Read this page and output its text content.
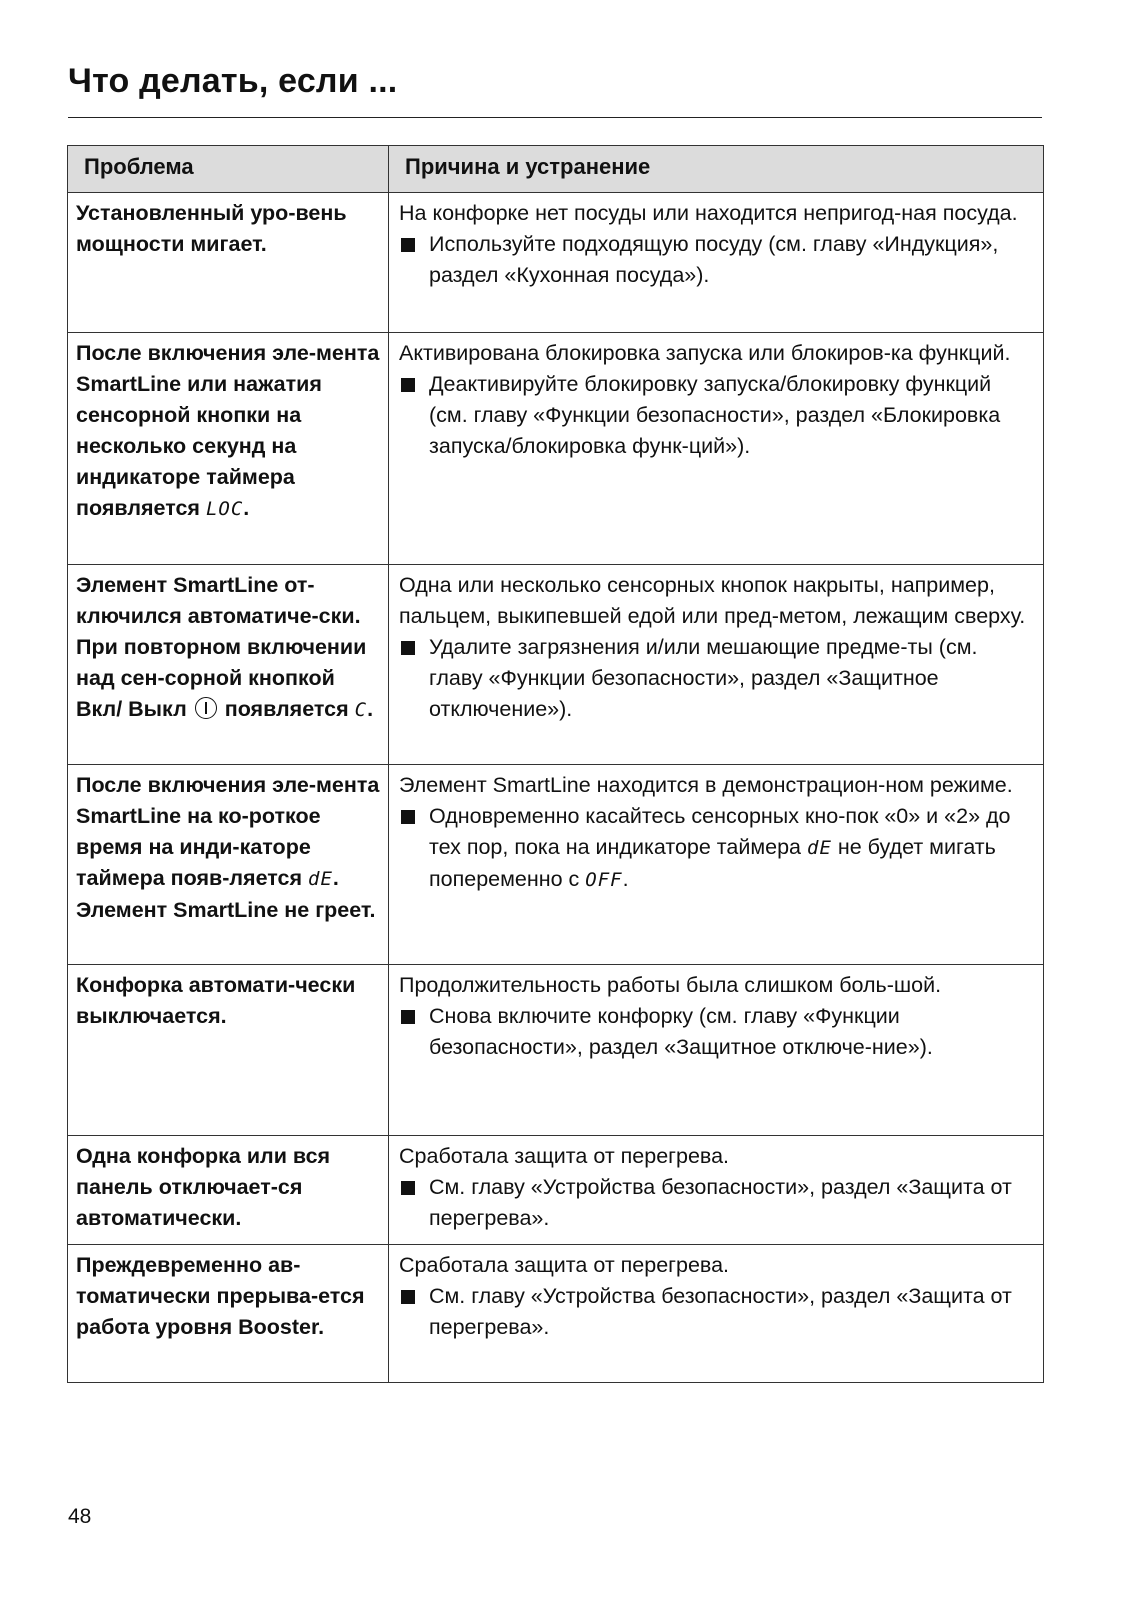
Что делать, если ...
Проблема	Причина и устранение
Установленный уро-вень мощности мигает.	На конфорке нет посуды или находится непригод-ная посуда.
Используйте подходящую посуду (см. главу «Индукция», раздел «Кухонная посуда»).

После включения эле-мента SmartLine или нажатия сенсорной кнопки на несколько секунд на индикаторе таймера появляется LOC.	Активирована блокировка запуска или блокиров-ка функций.
Деактивируйте блокировку запуска/блокировку функций (см. главу «Функции безопасности», раздел «Блокировка запуска/блокировка функ-ций»).

Элемент SmartLine от-ключился автоматиче-ски. При повторном включении над сен-сорной кнопкой Вкл/ Выкл появляется C.	Одна или несколько сенсорных кнопок накрыты, например, пальцем, выкипевшей едой или пред-метом, лежащим сверху.
Удалите загрязнения и/или мешающие предме-ты (см. главу «Функции безопасности», раздел «Защитное отключение»).

После включения эле-мента SmartLine на ко-роткое время на инди-каторе таймера появ-ляется dE. Элемент SmartLine не греет.	Элемент SmartLine находится в демонстрацион-ном режиме.
Одновременно касайтесь сенсорных кно-пок «0» и «2» до тех пор, пока на индикаторе таймера dE не будет мигать попеременно с OFF.

Конфорка автомати-чески выключается.	Продолжительность работы была слишком боль-шой.
Снова включите конфорку (см. главу «Функции безопасности», раздел «Защитное отключе-ние»).

Одна конфорка или вся панель отключает-ся автоматически.	Сработала защита от перегрева.
См. главу «Устройства безопасности», раздел «Защита от перегрева».

Преждевременно ав-томатически прерыва-ется работа уровня Booster.	Сработала защита от перегрева.
См. главу «Устройства безопасности», раздел «Защита от перегрева».
48
